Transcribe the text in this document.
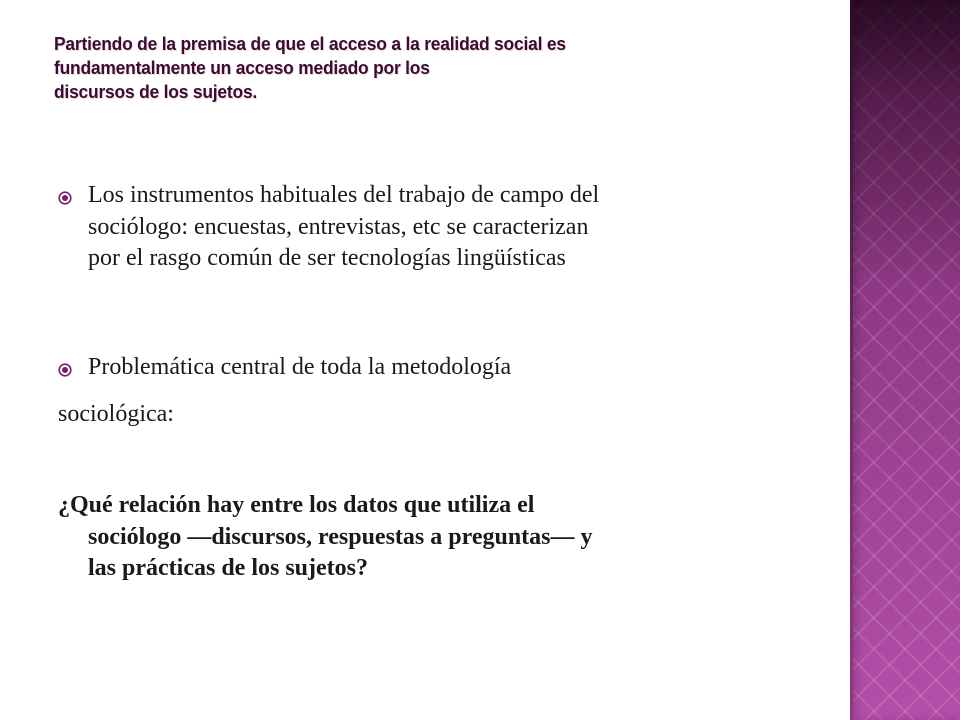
Partiendo de la premisa de que el acceso a la realidad social es
fundamentalmente un acceso mediado por los
discursos de los sujetos.
Los instrumentos habituales del trabajo de campo del
sociólogo: encuestas, entrevistas, etc se caracterizan
por el rasgo común de ser tecnologías lingüísticas
Problemática central de toda la metodología
sociológica:
¿Qué relación hay entre los datos que utiliza el
sociólogo —discursos, respuestas a preguntas— y
las prácticas de los sujetos?
